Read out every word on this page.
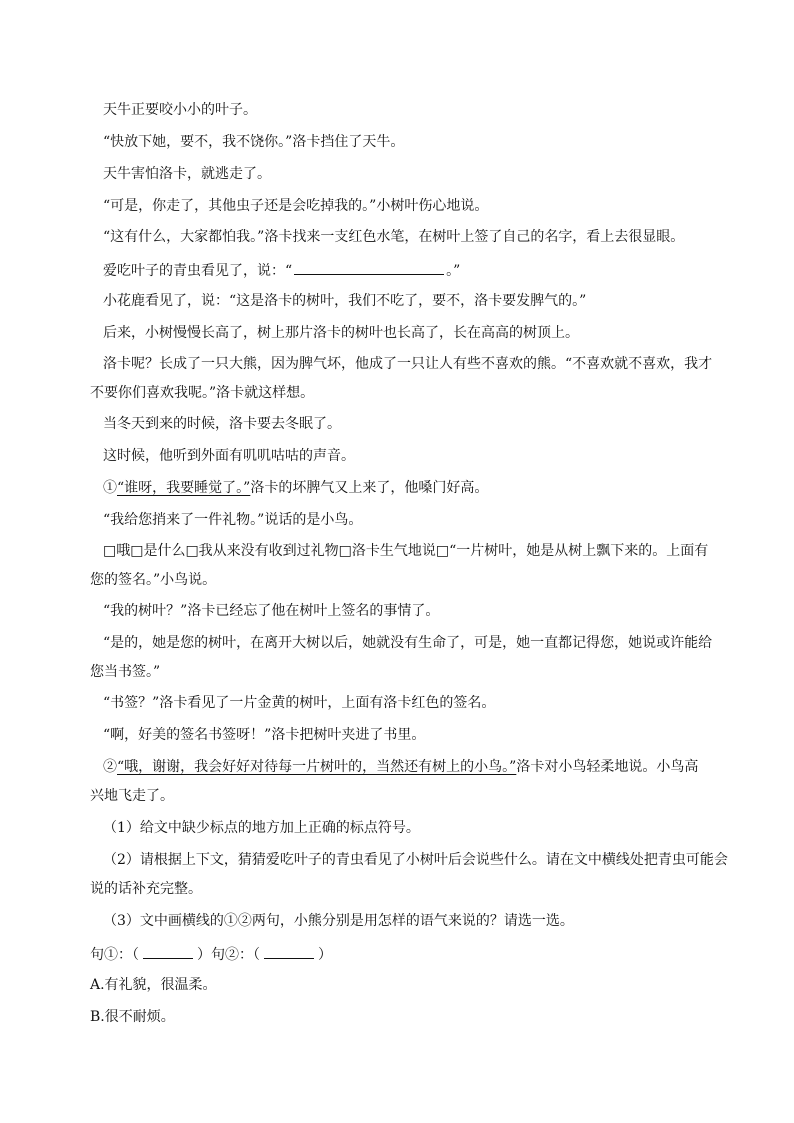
天牛正要咬小小的叶子。
“快放下她，要不，我不饶你。”洛卡挡住了天牛。
天牛害怕洛卡，就逃走了。
“可是，你走了，其他虫子还是会吃掉我的。”小树叶伤心地说。
“这有什么，大家都怕我。”洛卡找来一支红色水笔，在树叶上签了自己的名字，看上去很显眼。
爱吃叶子的青虫看见了，说：“	。”
小花鹿看见了，说：“这是洛卡的树叶，我们不吃了，要不，洛卡要发脾气的。”
后来，小树慢慢长高了，树上那片洛卡的树叶也长高了，长在高高的树顶上。
洛卡呢？长成了一只大熊，因为脾气坏，他成了一只让人有些不喜欢的熊。“不喜欢就不喜欢，我才
不要你们喜欢我呢。”洛卡就这样想。
当冬天到来的时候，洛卡要去冬眠了。
这时候，他听到外面有叽叽咕咕的声音。
①“谁呀，我要睡觉了。”洛卡的坏脾气又上来了，他嗓门好高。
“我给您捎来了一件礼物。”说话的是小鸟。
□哦□是什么□我从来没有收到过礼物□洛卡生气地说□“一片树叶，她是从树上飘下来的。上面有
您的签名。”小鸟说。
“我的树叶？”洛卡已经忘了他在树叶上签名的事情了。
“是的，她是您的树叶，在离开大树以后，她就没有生命了，可是，她一直都记得您，她说或许能给
您当书签。”
“书签？”洛卡看见了一片金黄的树叶，上面有洛卡红色的签名。
“啊，好美的签名书签呀！”洛卡把树叶夹进了书里。
②“哦，谢谢，我会好好对待每一片树叶的，当然还有树上的小鸟。”洛卡对小鸟轻柔地说。小鸟高
兴地飞走了。
（1）给文中缺少标点的地方加上正确的标点符号。
（2）请根据上下文，猜猜爱吃叶子的青虫看见了小树叶后会说些什么。请在文中横线处把青虫可能会
说的话补充完整。
（3）文中画横线的①②两句，小熊分别是用怎样的语气来说的？请选一选。
句①：（	）句②：（	）
A.有礼貌，很温柔。
B.很不耐烦。
